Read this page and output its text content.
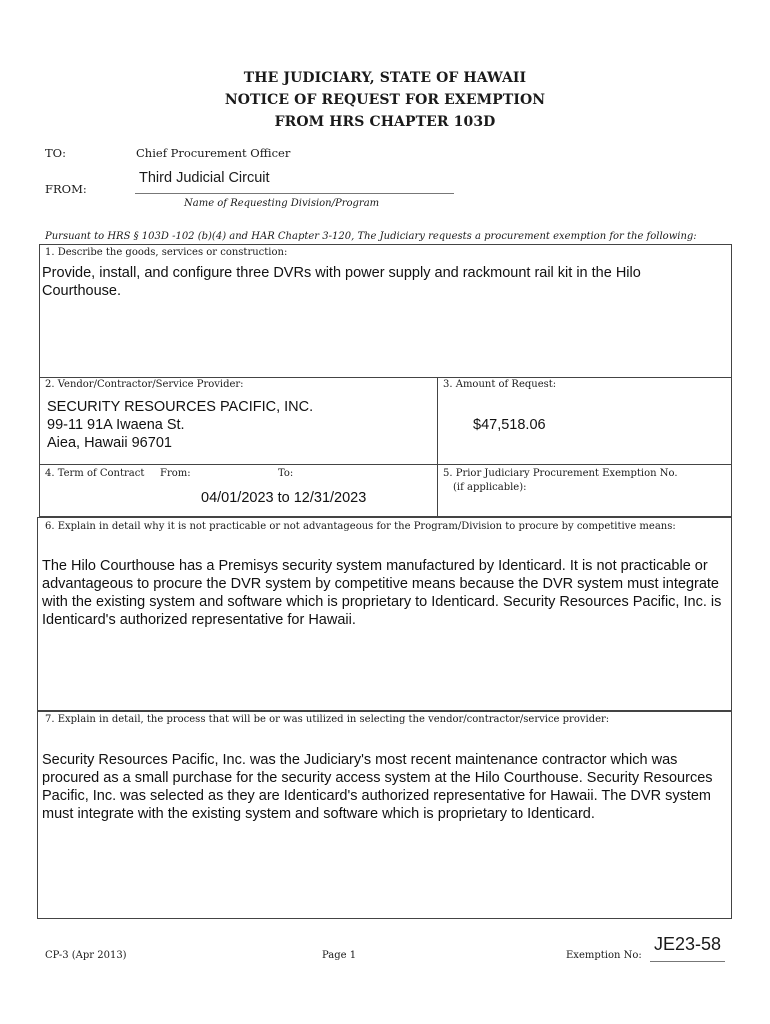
THE JUDICIARY, STATE OF HAWAII
NOTICE OF REQUEST FOR EXEMPTION
FROM HRS CHAPTER 103D
TO:	Chief Procurement Officer
FROM:
Third Judicial Circuit
Name of Requesting Division/Program
Pursuant to HRS § 103D -102 (b)(4) and HAR Chapter 3-120, The Judiciary requests a procurement exemption for the following:
1. Describe the goods, services or construction:
Provide, install, and configure three DVRs with power supply and rackmount rail kit in the Hilo Courthouse.
2. Vendor/Contractor/Service Provider:
SECURITY RESOURCES PACIFIC, INC.
99-11 91A Iwaena St.
Aiea, Hawaii 96701
3. Amount of Request:
$47,518.06
4. Term of Contract From:	To:
04/01/2023 to 12/31/2023
5. Prior Judiciary Procurement Exemption No.
(if applicable):
6. Explain in detail why it is not practicable or not advantageous for the Program/Division to procure by competitive means:
The Hilo Courthouse has a Premisys security system manufactured by Identicard. It is not practicable or advantageous to procure the DVR system by competitive means because the DVR system must integrate with the existing system and software which is proprietary to Identicard. Security Resources Pacific, Inc. is Identicard's authorized representative for Hawaii.
7. Explain in detail, the process that will be or was utilized in selecting the vendor/contractor/service provider:
Security Resources Pacific, Inc. was the Judiciary's most recent maintenance contractor which was procured as a small purchase for the security access system at the Hilo Courthouse. Security Resources Pacific, Inc. was selected as they are Identicard's authorized representative for Hawaii. The DVR system must integrate with the existing system and software which is proprietary to Identicard.
CP-3 (Apr 2013)	Page 1	Exemption No:
JE23-58
